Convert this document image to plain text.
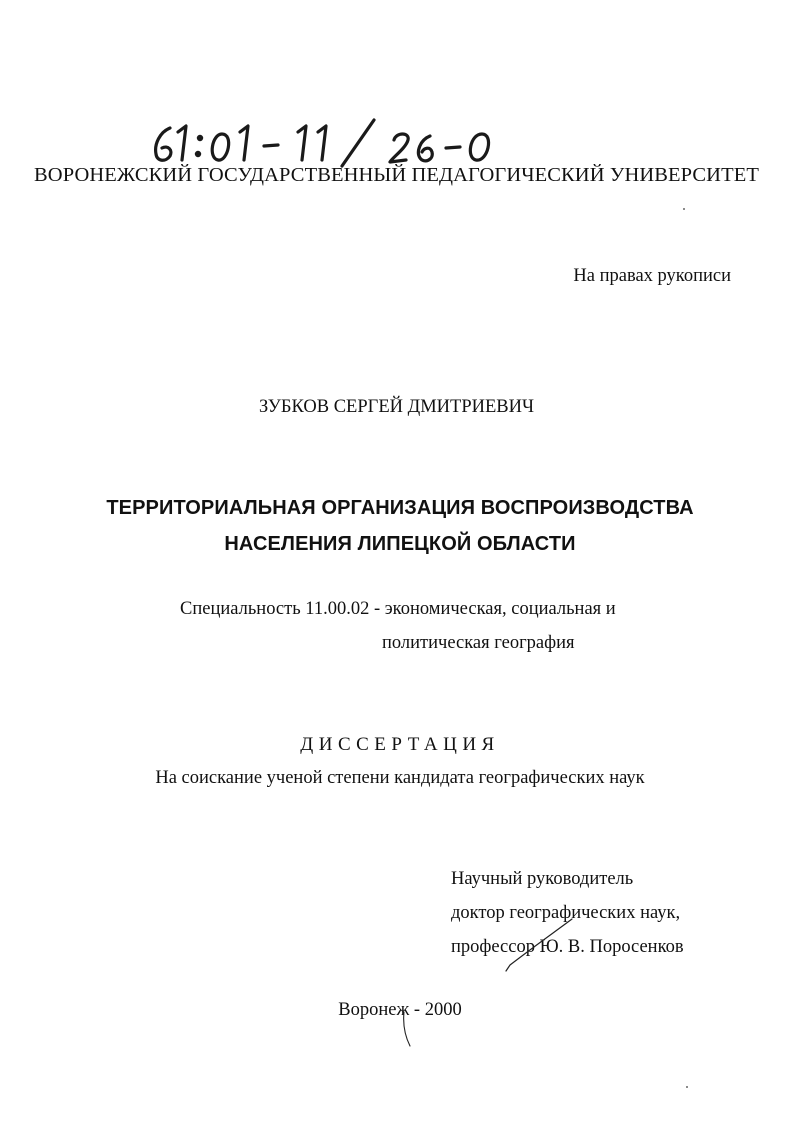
ВОРОНЕЖСКИЙ ГОСУДАРСТВЕННЫЙ ПЕДАГОГИЧЕСКИЙ УНИВЕРСИТЕТ
На правах рукописи
ЗУБКОВ СЕРГЕЙ ДМИТРИЕВИЧ
ТЕРРИТОРИАЛЬНАЯ ОРГАНИЗАЦИЯ ВОСПРОИЗВОДСТВА
НАСЕЛЕНИЯ ЛИПЕЦКОЙ ОБЛАСТИ
Специальность 11.00.02 - экономическая, социальная и
политическая география
ДИССЕРТАЦИЯ
На соискание ученой степени кандидата географических наук
Научный руководитель
доктор географических наук,
профессор Ю. В. Поросенков
Воронеж - 2000
